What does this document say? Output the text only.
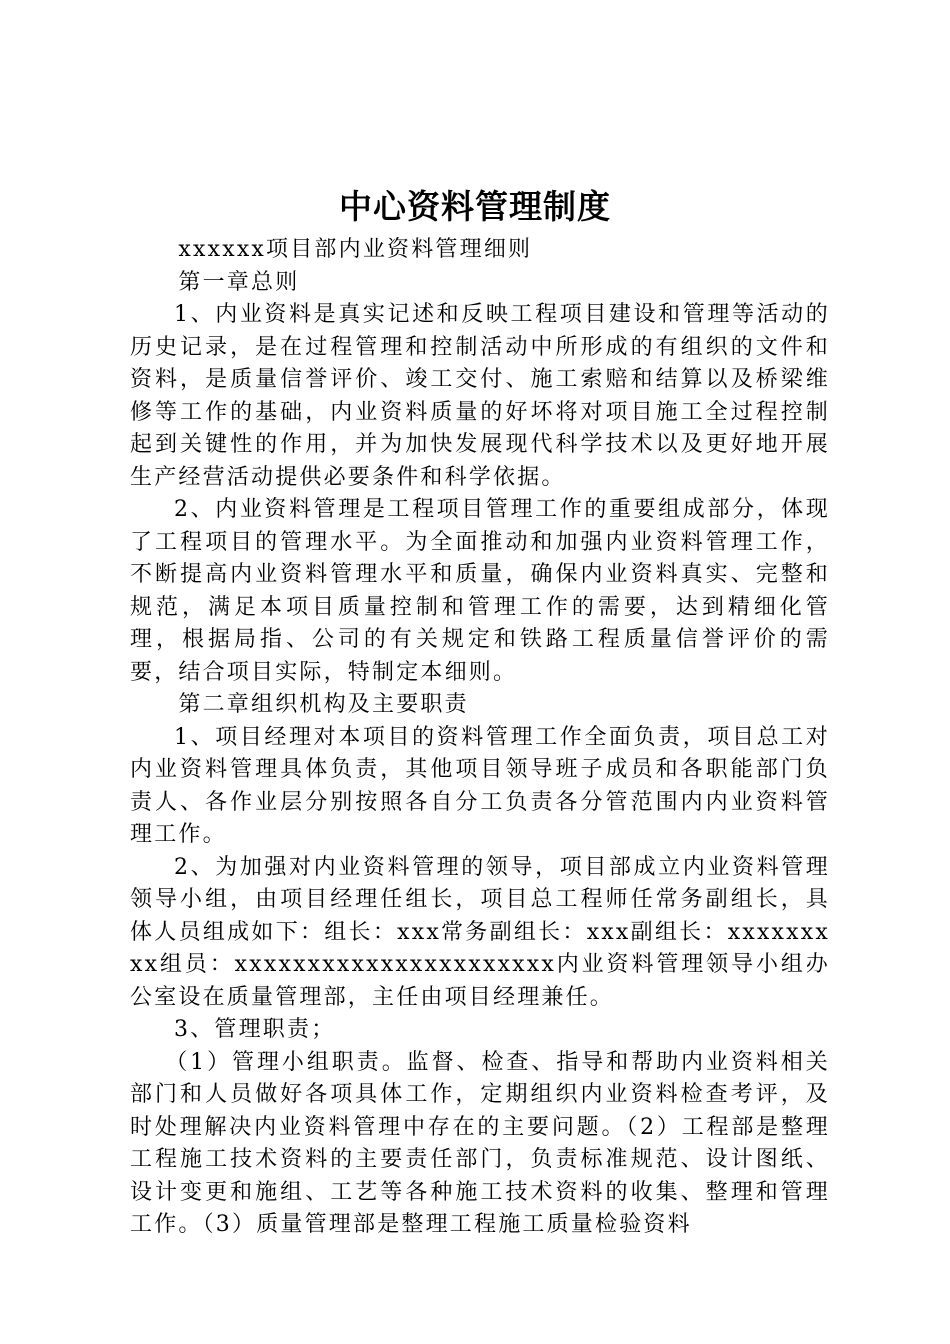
中心资料管理制度

xxxxxx项目部内业资料管理细则

第一章总则

1、内业资料是真实记述和反映工程项目建设和管理等活动的历史记录，是在过程管理和控制活动中所形成的有组织的文件和资料，是质量信誉评价、竣工交付、施工索赔和结算以及桥梁维修等工作的基础，内业资料质量的好坏将对项目施工全过程控制起到关键性的作用，并为加快发展现代科学技术以及更好地开展生产经营活动提供必要条件和科学依据。

2、内业资料管理是工程项目管理工作的重要组成部分，体现了工程项目的管理水平。为全面推动和加强内业资料管理工作，不断提高内业资料管理水平和质量，确保内业资料真实、完整和规范，满足本项目质量控制和管理工作的需要，达到精细化管理，根据局指、公司的有关规定和铁路工程质量信誉评价的需要，结合项目实际，特制定本细则。

第二章组织机构及主要职责

1、项目经理对本项目的资料管理工作全面负责，项目总工对内业资料管理具体负责，其他项目领导班子成员和各职能部门负责人、各作业层分别按照各自分工负责各分管范围内内业资料管理工作。

2、为加强对内业资料管理的领导，项目部成立内业资料管理领导小组，由项目经理任组长，项目总工程师任常务副组长，具体人员组成如下：组长：xxx常务副组长：xxx副组长：xxxxxxxxx组员：xxxxxxxxxxxxxxxxxxxxxx内业资料管理领导小组办公室设在质量管理部，主任由项目经理兼任。

3、管理职责；

（1）管理小组职责。监督、检查、指导和帮助内业资料相关部门和人员做好各项具体工作，定期组织内业资料检查考评，及时处理解决内业资料管理中存在的主要问题。（2）工程部是整理工程施工技术资料的主要责任部门，负责标准规范、设计图纸、设计变更和施组、工艺等各种施工技术资料的收集、整理和管理工作。（3）质量管理部是整理工程施工质量检验资料
